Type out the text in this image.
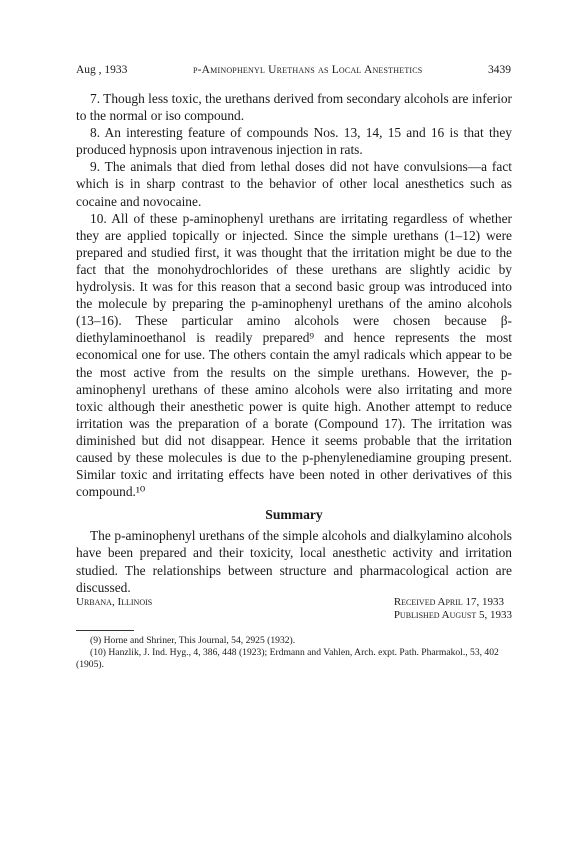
Aug , 1933	p-Aminophenyl Urethans as Local Anesthetics	3439

7. Though less toxic, the urethans derived from secondary alcohols are inferior to the normal or iso compound.

8. An interesting feature of compounds Nos. 13, 14, 15 and 16 is that they produced hypnosis upon intravenous injection in rats.

9. The animals that died from lethal doses did not have convulsions—a fact which is in sharp contrast to the behavior of other local anesthetics such as cocaine and novocaine.

10. All of these p-aminophenyl urethans are irritating regardless of whether they are applied topically or injected. Since the simple urethans (1–12) were prepared and studied first, it was thought that the irritation might be due to the fact that the monohydrochlorides of these urethans are slightly acidic by hydrolysis. It was for this reason that a second basic group was introduced into the molecule by preparing the p-aminophenyl urethans of the amino alcohols (13–16). These particular amino alcohols were chosen because β-diethylaminoethanol is readily prepared⁹ and hence represents the most economical one for use. The others contain the amyl radicals which appear to be the most active from the results on the simple urethans. However, the p-aminophenyl urethans of these amino alcohols were also irritating and more toxic although their anesthetic power is quite high. Another attempt to reduce irritation was the preparation of a borate (Compound 17). The irritation was diminished but did not disappear. Hence it seems probable that the irritation caused by these molecules is due to the p-phenylenediamine grouping present. Similar toxic and irritating effects have been noted in other derivatives of this compound.¹⁰

Summary

The p-aminophenyl urethans of the simple alcohols and dialkylamino alcohols have been prepared and their toxicity, local anesthetic activity and irritation studied. The relationships between structure and pharmacological action are discussed.

Urbana, Illinois	Received April 17, 1933
Published August 5, 1933

(9) Horne and Shriner, This Journal, 54, 2925 (1932).

(10) Hanzlik, J. Ind. Hyg., 4, 386, 448 (1923); Erdmann and Vahlen, Arch. expt. Path. Pharmakol., 53, 402 (1905).
